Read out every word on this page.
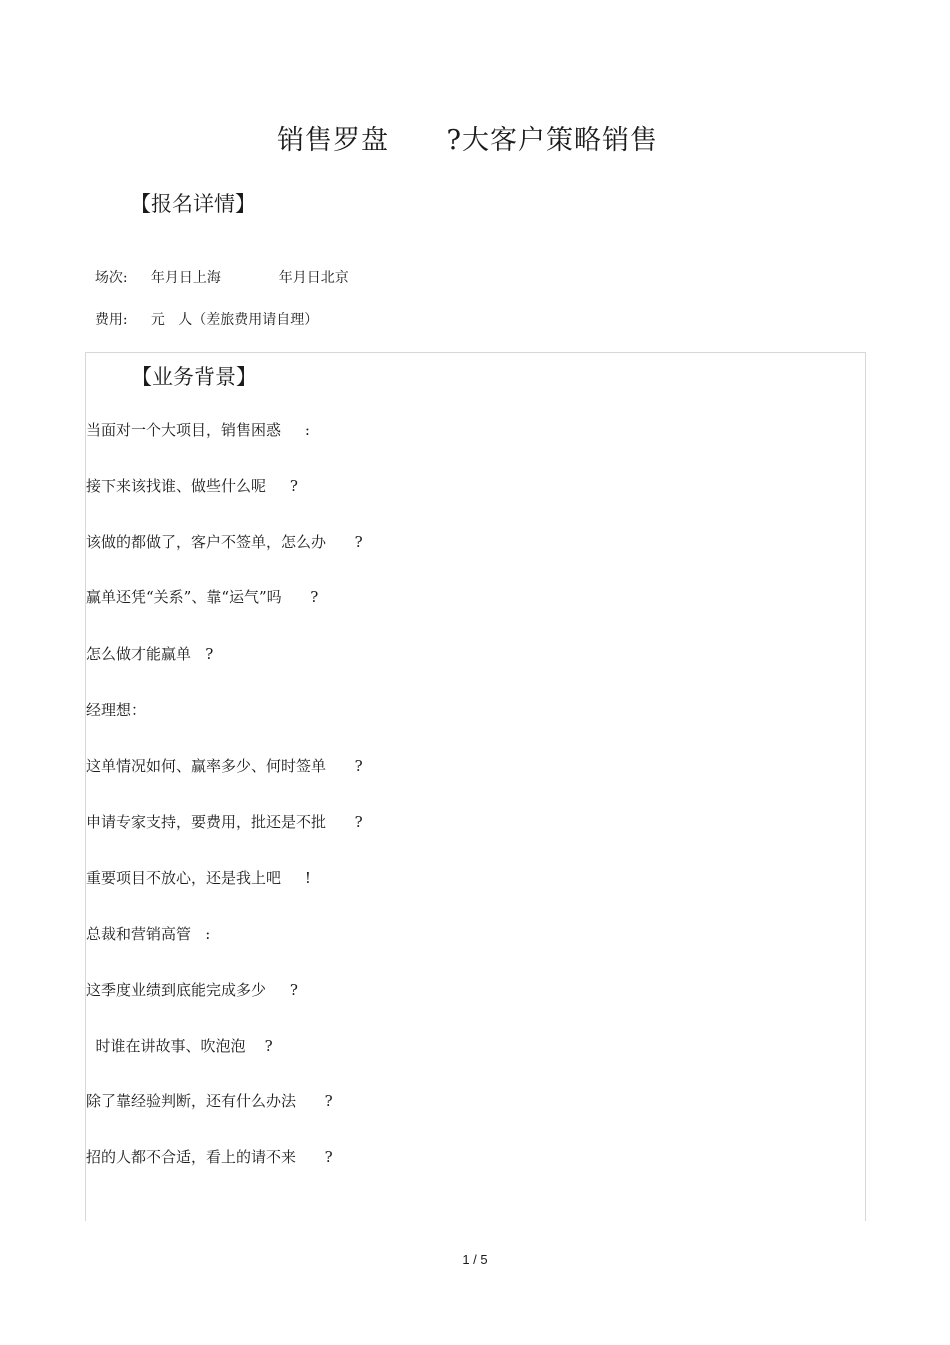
销售罗盘      ?大客户策略销售
【报名详情】

场次: 年月日上海             年月日北京

费用: 元   人（差旅费用请自理）

【业务背景】
当面对一个大项目，销售困惑     :
接下来该找谁、做些什么呢     ?
该做的都做了，客户不签单，怎么办      ?
赢单还凭“关系”、靠“运气”吗      ?
怎么做才能赢单   ?
经理想：
这单情况如何、赢率多少、何时签单      ?
申请专家支持，要费用，批还是不批      ?
重要项目不放心，还是我上吧     !
总裁和营销高管   :
这季度业绩到底能完成多少     ?
时谁在讲故事、吹泡泡    ?
除了靠经验判断，还有什么办法      ?
招的人都不合适，看上的请不来      ?
1 / 5
